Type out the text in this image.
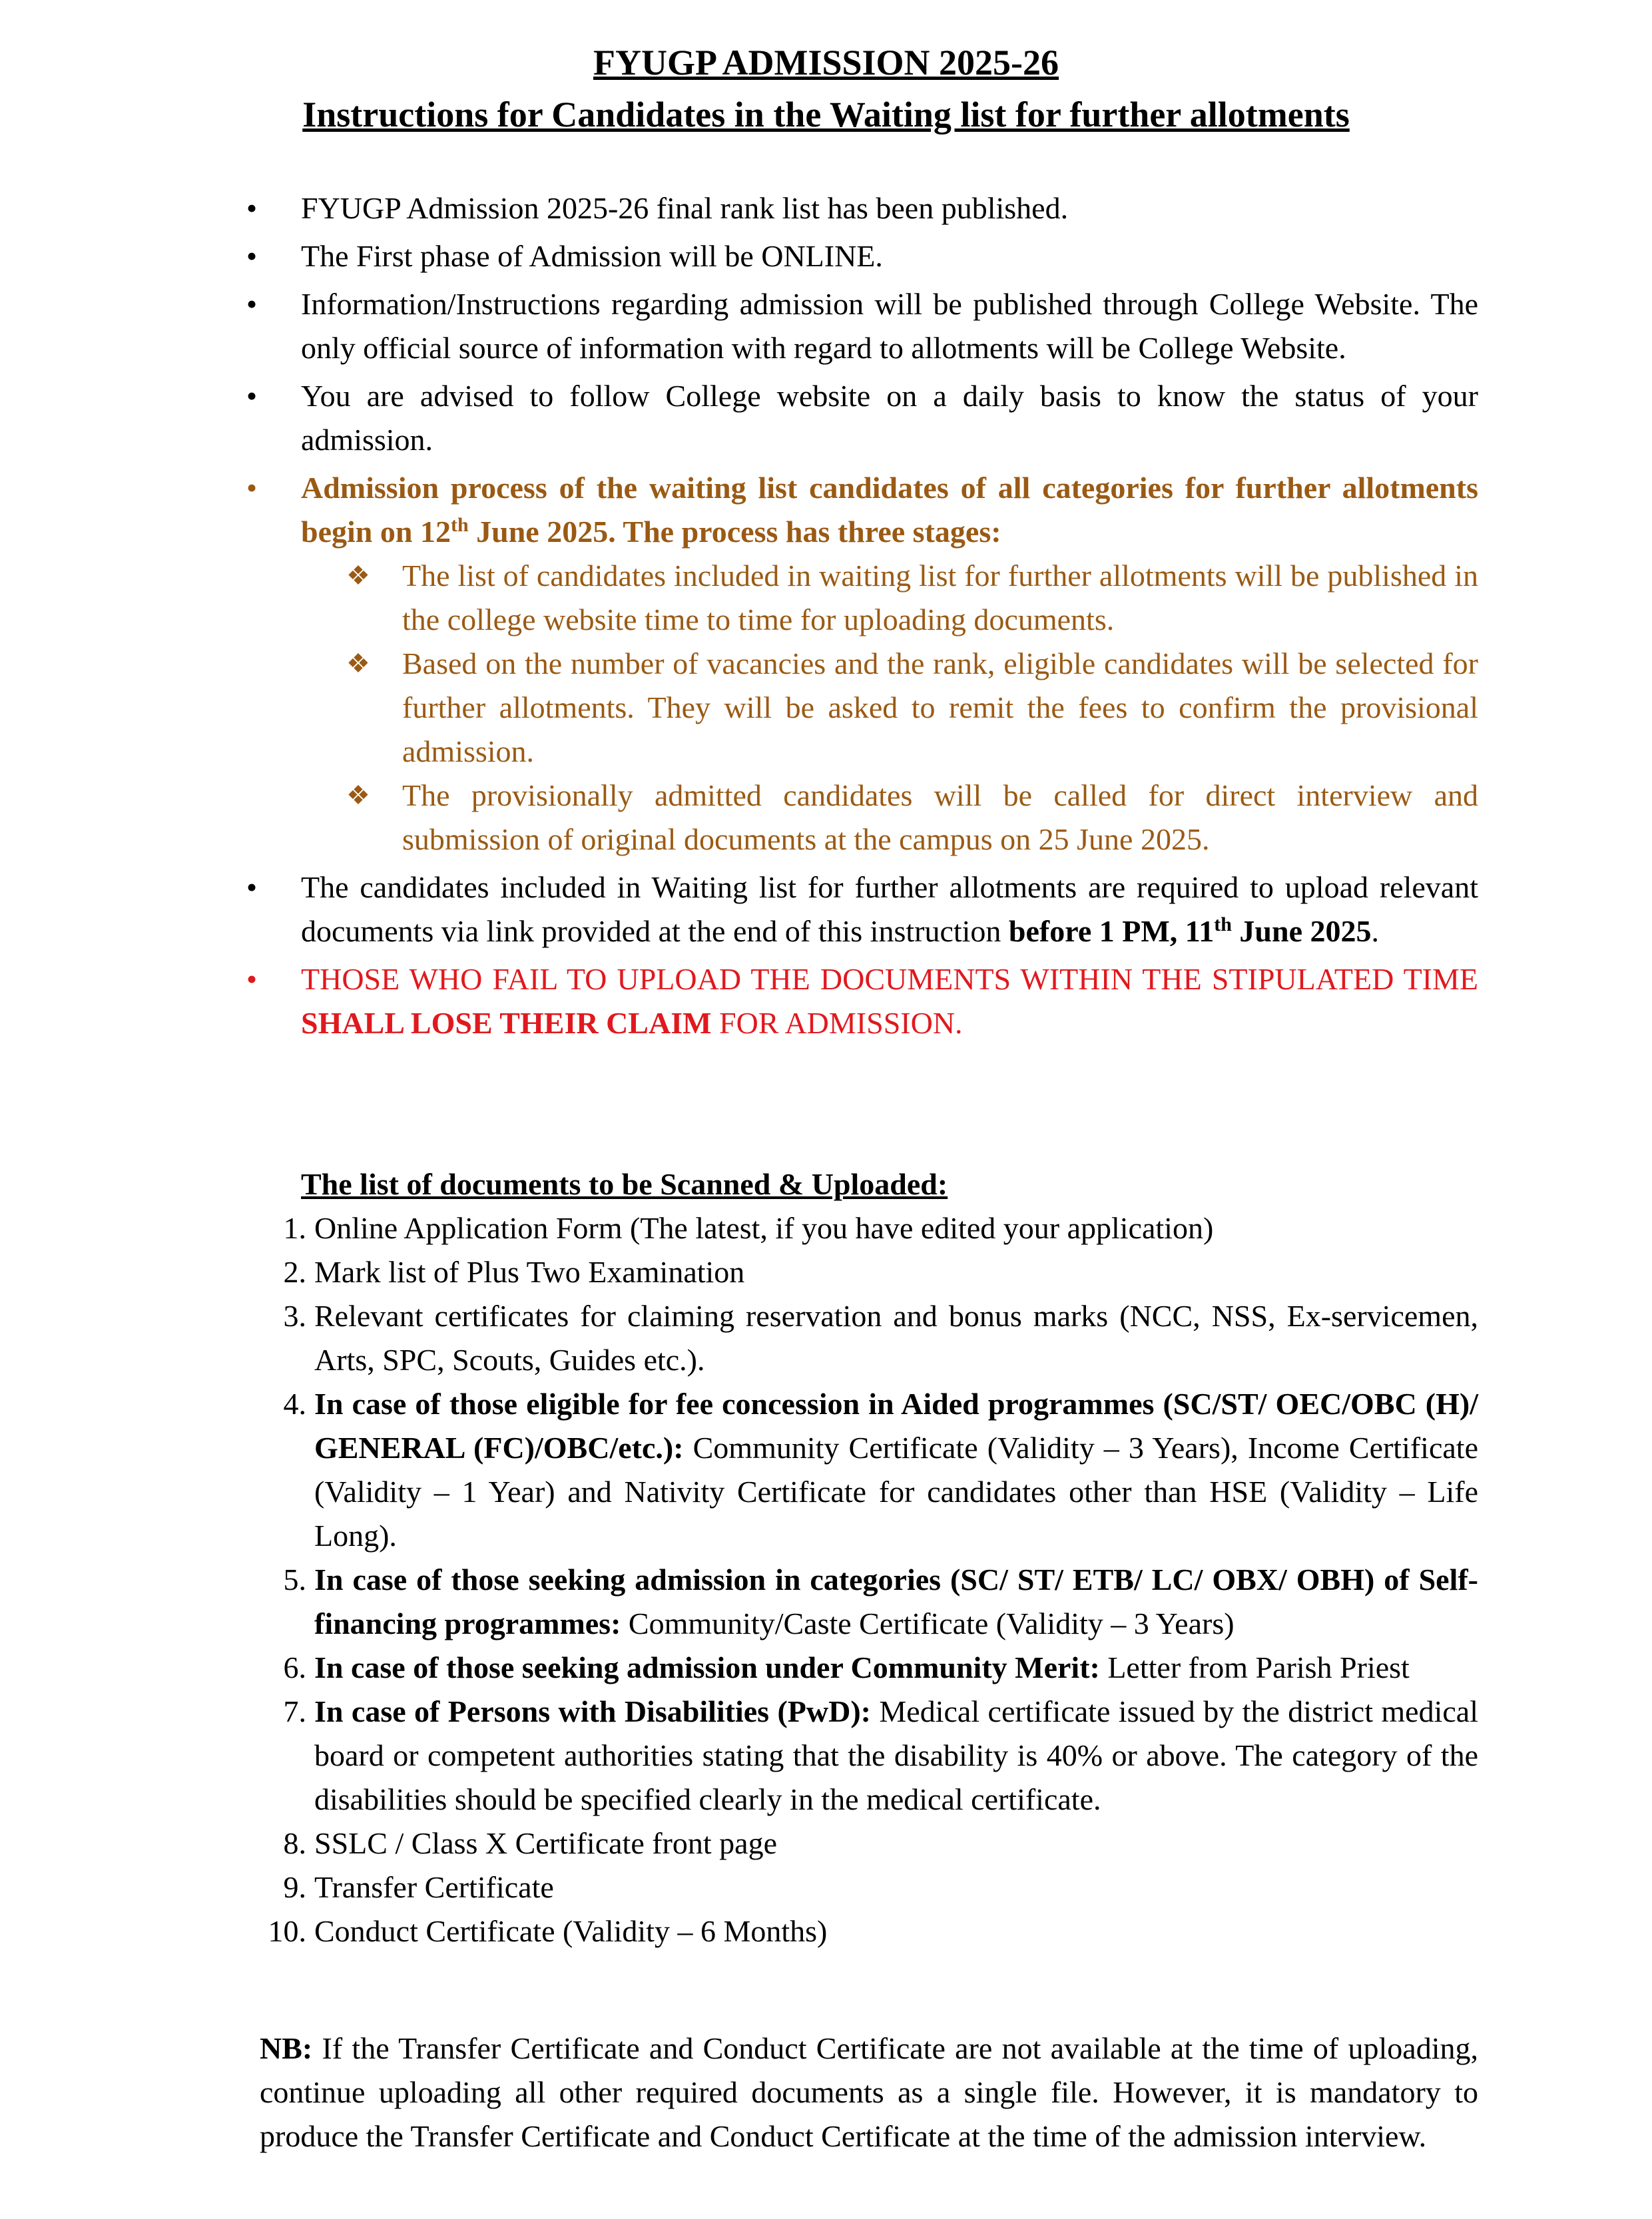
FYUGP ADMISSION 2025-26
Instructions for Candidates in the Waiting list for further allotments
• FYUGP Admission 2025-26 final rank list has been published.
• The First phase of Admission will be ONLINE.
• Information/Instructions regarding admission will be published through College Website. The only official source of information with regard to allotments will be College Website.
• You are advised to follow College website on a daily basis to know the status of your admission.
• Admission process of the waiting list candidates of all categories for further allotments begin on 12th June 2025. The process has three stages:
❖ The list of candidates included in waiting list for further allotments will be published in the college website time to time for uploading documents.
❖ Based on the number of vacancies and the rank, eligible candidates will be selected for further allotments. They will be asked to remit the fees to confirm the provisional admission.
❖ The provisionally admitted candidates will be called for direct interview and submission of original documents at the campus on 25 June 2025.
• The candidates included in Waiting list for further allotments are required to upload relevant documents via link provided at the end of this instruction before 1 PM, 11th June 2025.
• THOSE WHO FAIL TO UPLOAD THE DOCUMENTS WITHIN THE STIPULATED TIME SHALL LOSE THEIR CLAIM FOR ADMISSION.
The list of documents to be Scanned & Uploaded:
1. Online Application Form (The latest, if you have edited your application)
2. Mark list of Plus Two Examination
3. Relevant certificates for claiming reservation and bonus marks (NCC, NSS, Ex-servicemen, Arts, SPC, Scouts, Guides etc.).
4. In case of those eligible for fee concession in Aided programmes (SC/ST/ OEC/OBC (H)/ GENERAL (FC)/OBC/etc.): Community Certificate (Validity – 3 Years), Income Certificate (Validity – 1 Year) and Nativity Certificate for candidates other than HSE (Validity – Life Long).
5. In case of those seeking admission in categories (SC/ ST/ ETB/ LC/ OBX/ OBH) of Self-financing programmes: Community/Caste Certificate (Validity – 3 Years)
6. In case of those seeking admission under Community Merit: Letter from Parish Priest
7. In case of Persons with Disabilities (PwD): Medical certificate issued by the district medical board or competent authorities stating that the disability is 40% or above. The category of the disabilities should be specified clearly in the medical certificate.
8. SSLC / Class X Certificate front page
9. Transfer Certificate
10. Conduct Certificate (Validity – 6 Months)

NB: If the Transfer Certificate and Conduct Certificate are not available at the time of uploading, continue uploading all other required documents as a single file. However, it is mandatory to produce the Transfer Certificate and Conduct Certificate at the time of the admission interview.
